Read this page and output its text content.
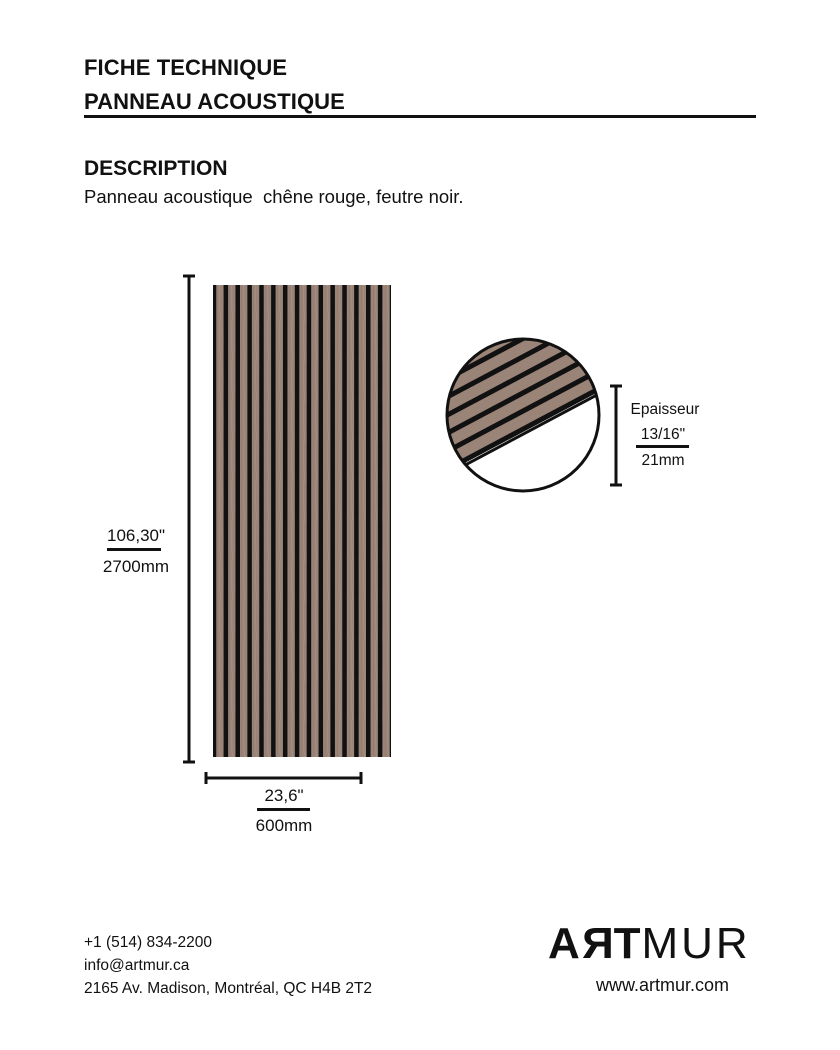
FICHE TECHNIQUE
PANNEAU ACOUSTIQUE
DESCRIPTION
Panneau acoustique  chêne rouge, feutre noir.
106,30"
2700mm
23,6"
600mm
Epaisseur
13/16"
21mm
+1 (514) 834-2200
info@artmur.ca
2165 Av. Madison, Montréal, QC H4B 2T2
ARTMUR
www.artmur.com
